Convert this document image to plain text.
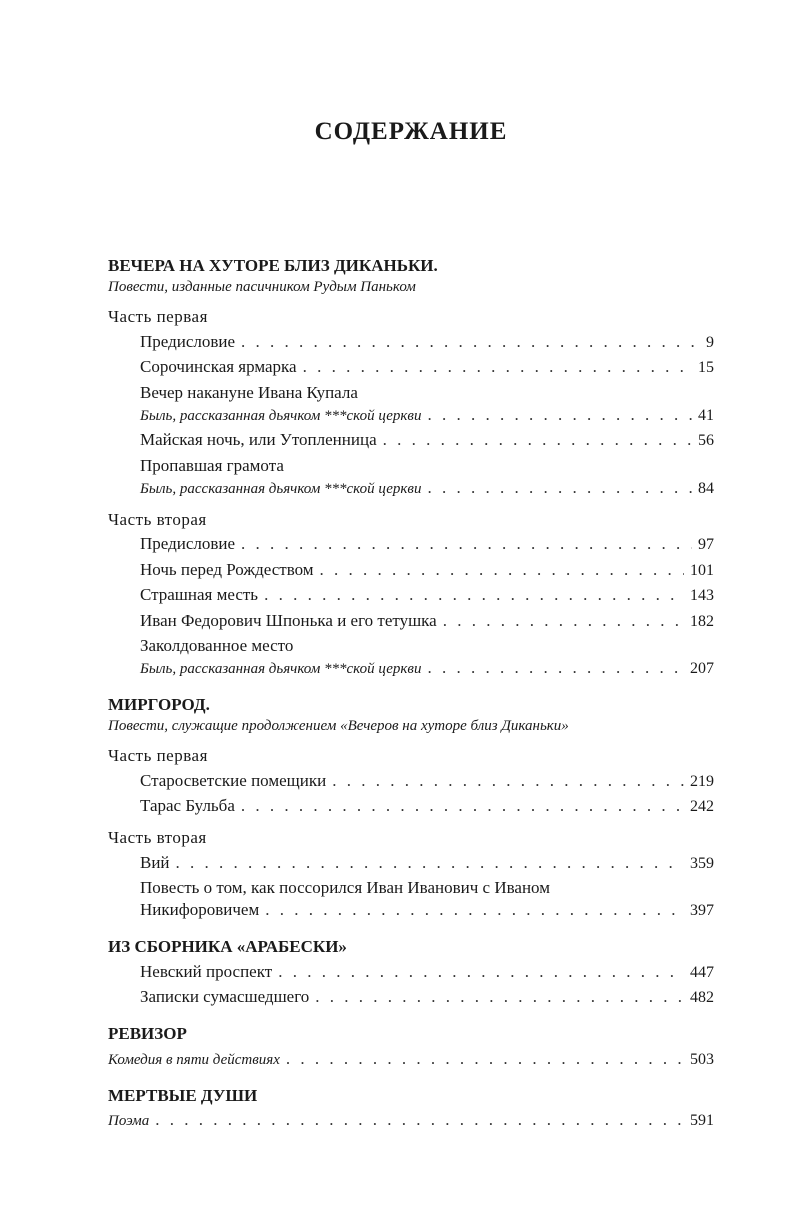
СОДЕРЖАНИЕ
ВЕЧЕРА НА ХУТОРЕ БЛИЗ ДИКАНЬКИ.
Повести, изданные пасичником Рудым Паньком
Часть первая
Предисловие . . .	9
Сорочинская ярмарка . . .	15
Вечер накануне Ивана Купала
Быль, рассказанная дьячком ***ской церкви . . .	41
Майская ночь, или Утопленница . . .	56
Пропавшая грамота
Быль, рассказанная дьячком ***ской церкви . . .	84
Часть вторая
Предисловие . . .	97
Ночь перед Рождеством . . .	101
Страшная месть . . .	143
Иван Федорович Шпонька и его тетушка . . .	182
Заколдованное место
Быль, рассказанная дьячком ***ской церкви . . .	207
МИРГОРОД.
Повести, служащие продолжением «Вечеров на хуторе близ Диканьки»
Часть первая
Старосветские помещики . . .	219
Тарас Бульба . . .	242
Часть вторая
Вий . . .	359
Повесть о том, как поссорился Иван Иванович с Иваном
Никифоровичем . . .	397
ИЗ СБОРНИКА «АРАБЕСКИ»
Невский проспект . . .	447
Записки сумасшедшего . . .	482
РЕВИЗОР
Комедия в пяти действиях . . .	503
МЕРТВЫЕ ДУШИ
Поэма . . .	591
